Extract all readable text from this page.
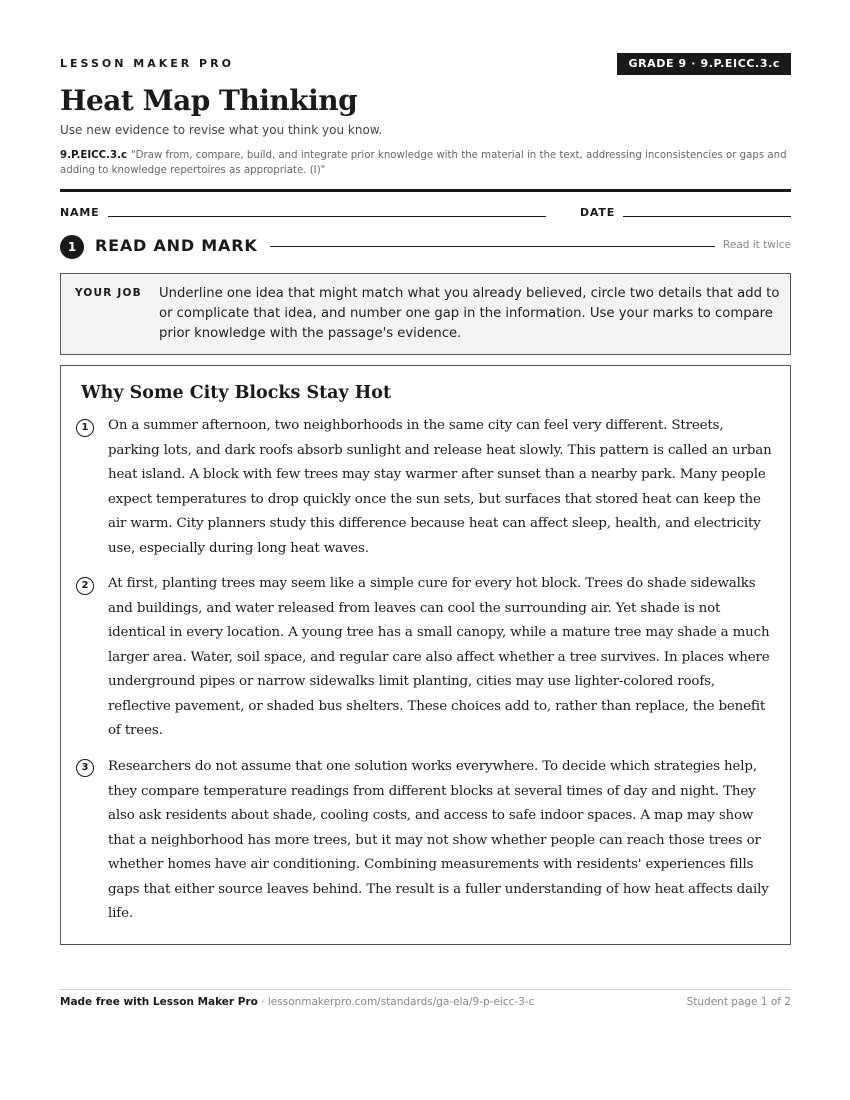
LESSON MAKER PRO	GRADE 9 · 9.P.EICC.3.c
Heat Map Thinking
Use new evidence to revise what you think you know.
9.P.EICC.3.c "Draw from, compare, build, and integrate prior knowledge with the material in the text, addressing inconsistencies or gaps and adding to knowledge repertoires as appropriate. (I)"
NAME	DATE
1	READ AND MARK	Read it twice
YOUR JOB Underline one idea that might match what you already believed, circle two details that add to or complicate that idea, and number one gap in the information. Use your marks to compare prior knowledge with the passage's evidence.
Why Some City Blocks Stay Hot
1	On a summer afternoon, two neighborhoods in the same city can feel very different. Streets, parking lots, and dark roofs absorb sunlight and release heat slowly. This pattern is called an urban heat island. A block with few trees may stay warmer after sunset than a nearby park. Many people expect temperatures to drop quickly once the sun sets, but surfaces that stored heat can keep the air warm. City planners study this difference because heat can affect sleep, health, and electricity use, especially during long heat waves.
2	At first, planting trees may seem like a simple cure for every hot block. Trees do shade sidewalks and buildings, and water released from leaves can cool the surrounding air. Yet shade is not identical in every location. A young tree has a small canopy, while a mature tree may shade a much larger area. Water, soil space, and regular care also affect whether a tree survives. In places where underground pipes or narrow sidewalks limit planting, cities may use lighter-colored roofs, reflective pavement, or shaded bus shelters. These choices add to, rather than replace, the benefit of trees.
3	Researchers do not assume that one solution works everywhere. To decide which strategies help, they compare temperature readings from different blocks at several times of day and night. They also ask residents about shade, cooling costs, and access to safe indoor spaces. A map may show that a neighborhood has more trees, but it may not show whether people can reach those trees or whether homes have air conditioning. Combining measurements with residents' experiences fills gaps that either source leaves behind. The result is a fuller understanding of how heat affects daily life.
Made free with Lesson Maker Pro · lessonmakerpro.com/standards/ga-ela/9-p-eicc-3-c	Student page 1 of 2
